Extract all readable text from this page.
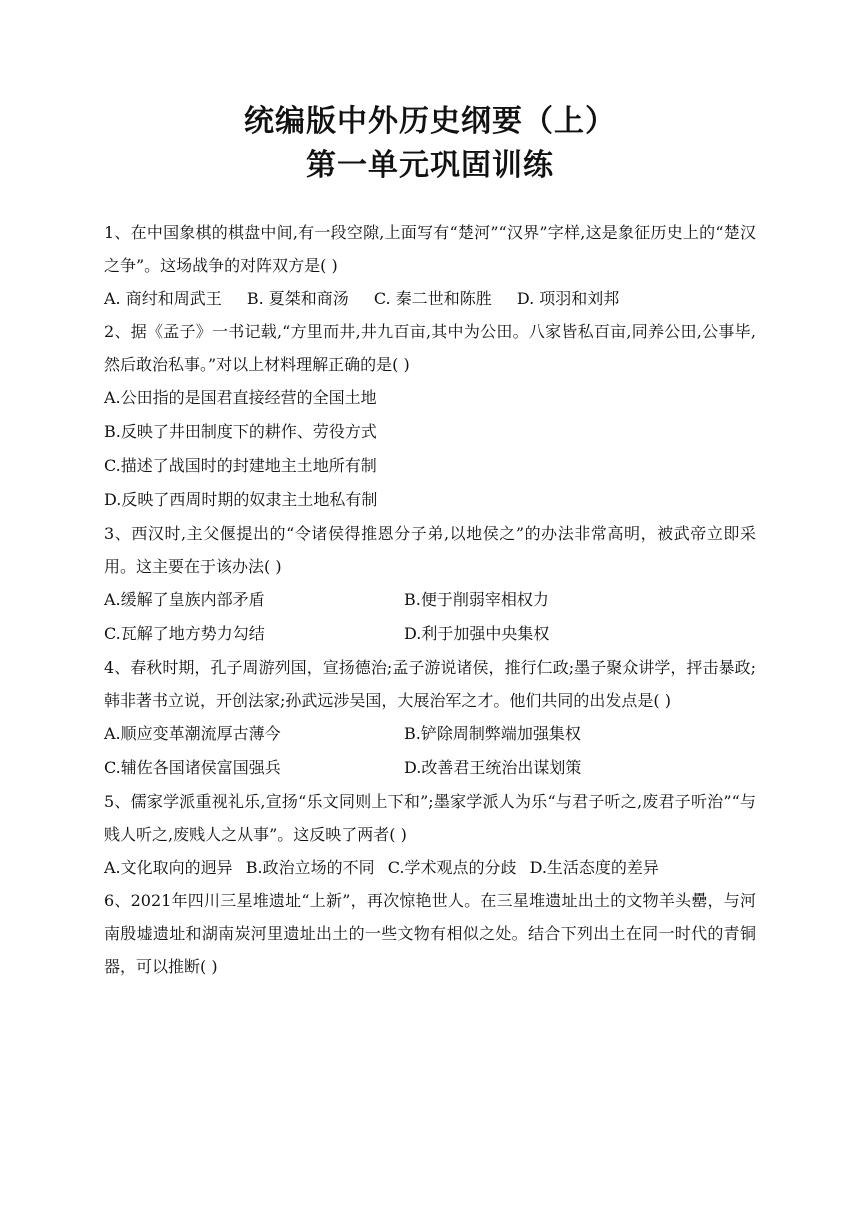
统编版中外历史纲要（上）
第一单元巩固训练

1、在中国象棋的棋盘中间,有一段空隙,上面写有“楚河”“汉界”字样,这是象征历史上的“楚汉之争”。这场战争的对阵双方是( )

A. 商纣和周武王 B. 夏桀和商汤 C. 秦二世和陈胜 D. 项羽和刘邦

2、据《孟子》一书记载,“方里而井,井九百亩,其中为公田。八家皆私百亩,同养公田,公事毕,然后敢治私事。”对以上材料理解正确的是( )

A.公田指的是国君直接经营的全国土地

B.反映了井田制度下的耕作、劳役方式

C.描述了战国时的封建地主土地所有制

D.反映了西周时期的奴隶主土地私有制

3、西汉时,主父偃提出的“令诸侯得推恩分子弟,以地侯之”的办法非常高明，被武帝立即采用。这主要在于该办法( )

A.缓解了皇族内部矛盾	B.便于削弱宰相权力
C.瓦解了地方势力勾结	D.利于加强中央集权

4、春秋时期，孔子周游列国，宣扬德治;孟子游说诸侯，推行仁政;墨子聚众讲学，抨击暴政;韩非著书立说，开创法家;孙武远涉吴国，大展治军之才。他们共同的出发点是( )

A.顺应变革潮流厚古薄今	B.铲除周制弊端加强集权
C.辅佐各国诸侯富国强兵	D.改善君王统治出谋划策

5、儒家学派重视礼乐,宣扬“乐文同则上下和”;墨家学派人为乐“与君子听之,废君子听治”“与贱人听之,废贱人之从事”。这反映了两者( )

A.文化取向的迥异 B.政治立场的不同 C.学术观点的分歧 D.生活态度的差异

6、2021年四川三星堆遗址“上新”，再次惊艳世人。在三星堆遗址出土的文物羊头罍，与河南殷墟遗址和湖南炭河里遗址出土的一些文物有相似之处。结合下列出土在同一时代的青铜器，可以推断( )
